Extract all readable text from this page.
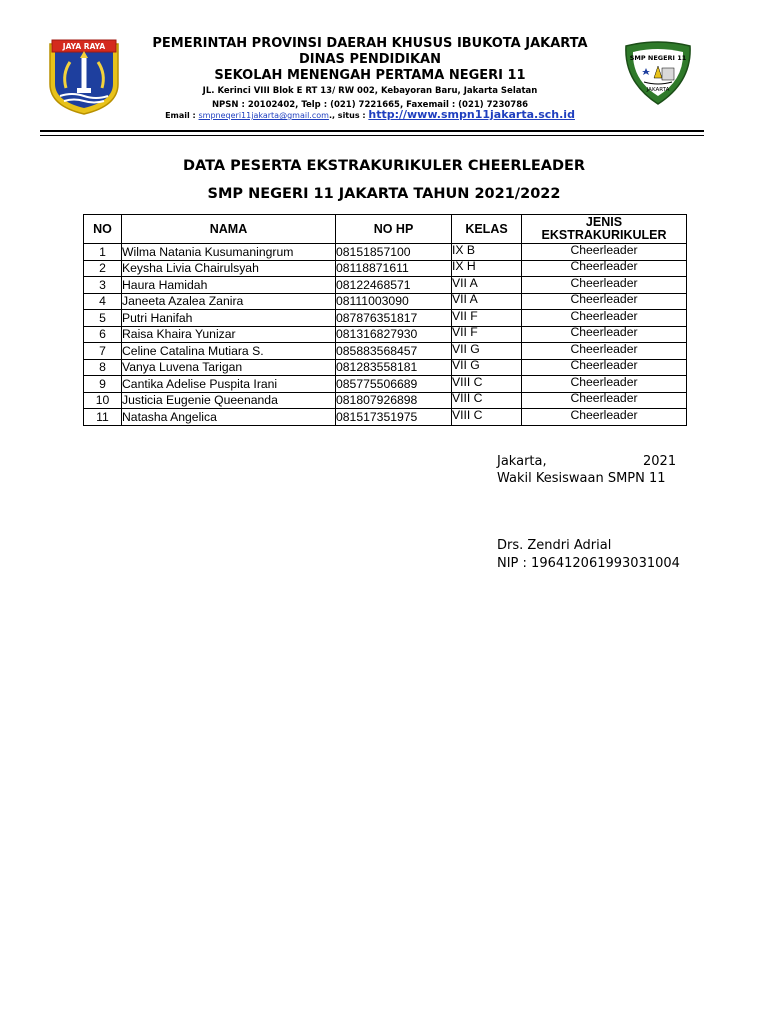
JAYA RAYA
SMP NEGERI 11
JAKARTA
PEMERINTAH PROVINSI DAERAH KHUSUS IBUKOTA JAKARTA
DINAS PENDIDIKAN
SEKOLAH MENENGAH PERTAMA NEGERI 11
JL. Kerinci VIII Blok E RT 13/ RW 002, Kebayoran Baru, Jakarta Selatan
NPSN : 20102402, Telp : (021) 7221665, Faxemail : (021) 7230786
Email : smpneqeri11jakarta@gmail.com., situs : http://www.smpn11jakarta.sch.id
DATA PESERTA EKSTRAKURIKULER CHEERLEADER
SMP NEGERI 11 JAKARTA TAHUN 2021/2022
NO	NAMA	NO HP	KELAS	JENIS
EKSTRAKURIKULER

1	Wilma Natania Kusumaningrum	08151857100	IX B	Cheerleader
2	Keysha Livia Chairulsyah	08118871611	IX H	Cheerleader
3	Haura Hamidah	08122468571	VII A	Cheerleader
4	Janeeta Azalea Zanira	08111003090	VII A	Cheerleader
5	Putri Hanifah	087876351817	VII F	Cheerleader
6	Raisa Khaira Yunizar	081316827930	VII F	Cheerleader
7	Celine Catalina Mutiara S.	085883568457	VII G	Cheerleader
8	Vanya Luvena Tarigan	081283558181	VII G	Cheerleader
9	Cantika Adelise Puspita Irani	085775506689	VIII C	Cheerleader
10	Justicia Eugenie Queenanda	081807926898	VIII C	Cheerleader
11	Natasha Angelica	081517351975	VIII C	Cheerleader
Jakarta,	2021
Wakil Kesiswaan SMPN 11
Drs. Zendri Adrial
NIP : 196412061993031004
